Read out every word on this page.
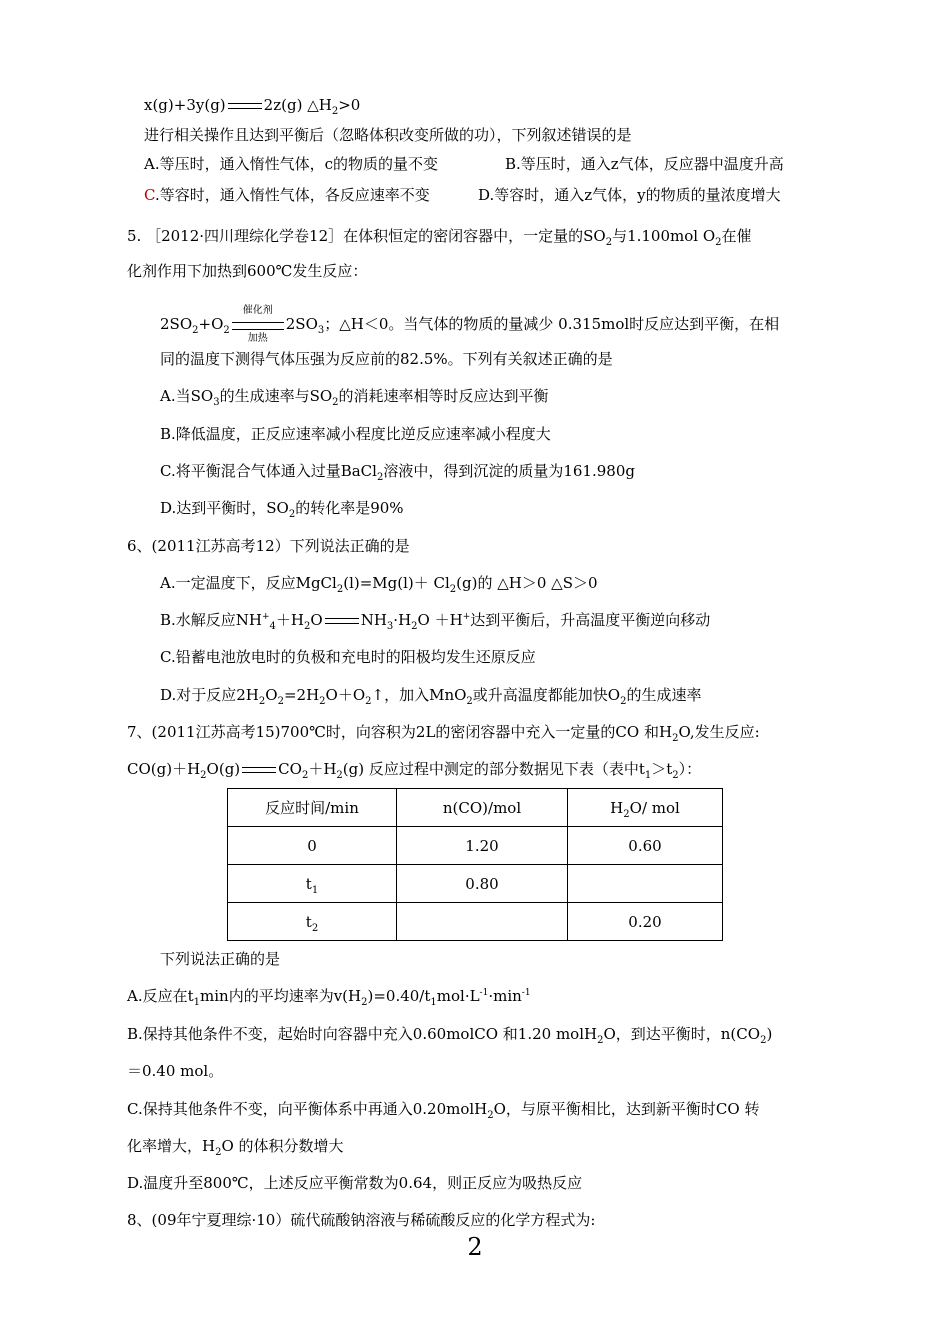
x(g)+3y(g)	2z(g) $\triangle H_2>0$
进行相关操作且达到平衡后（忽略体积改变所做的功），下列叙述错误的是
A.等压时，通入惰性气体，c的物质的量不变	B.等压时，通入z气体，反应器中温度升高
C.等容时，通入惰性气体，各反应速率不变	D.等容时，通入z气体，y的物质的量浓度增大
5. ［2012·四川理综化学卷12］在体积恒定的密闭容器中，一定量的$SO_2$与1.100mol $O_2$在催
化剂作用下加热到600℃发生反应：
$2SO_2+O_2$
催化剂
加热
$2SO_3$；△H＜0。当气体的物质的量减少 0.315mol时反应达到平衡，在相
同的温度下测得气体压强为反应前的82.5%。下列有关叙述正确的是
A.当$SO_3$的生成速率与$SO_2$的消耗速率相等时反应达到平衡
B.降低温度，正反应速率减小程度比逆反应速率减小程度大
C.将平衡混合气体通入过量BaCl$_2$溶液中，得到沉淀的质量为161.980g
D.达到平衡时，$SO_2$的转化率是90%
6、(2011江苏高考12）下列说法正确的是
A.一定温度下，反应MgCl$_2$(l)=Mg(l)＋ $Cl_2(g)$的 △H＞0 △S＞0
B.水解反应$NH^+_4+H_2O$	$NH_3\cdot H_2O +H^+$达到平衡后，升高温度平衡逆向移动
C.铅蓄电池放电时的负极和充电时的阳极均发生还原反应
D.对于反应$2H_2O_2=2H_2O+O_2↑$，加入MnO$_2$或升高温度都能加快$O_2$的生成速率
7、(2011江苏高考15)700℃时，向容积为2L的密闭容器中充入一定量的CO 和$H_2O$,发生反应:
$CO(g)+H_2O(g)$	$CO_2+H_2(g)$ 反应过程中测定的部分数据见下表（表中$t_1>t_2$）：
反应时间/min	n(CO)/mol	$H_2O/$ mol
0	1.20	0.60
$t_1$	0.80	
$t_2$		0.20
下列说法正确的是
A.反应在$t_1\min$内的平均速率为$v(H_2)=0.40/t_1mol\cdot L^{-1}\cdot\min^{-1}$
B.保持其他条件不变，起始时向容器中充入0.60molCO 和1.20 molH$_2$O，到达平衡时，$n(CO_2)$
＝0.40 mol。
C.保持其他条件不变，向平衡体系中再通入0.20molH$_2$O，与原平衡相比，达到新平衡时CO 转
化率增大，$H_2O$ 的体积分数增大
D.温度升至800℃，上述反应平衡常数为0.64，则正反应为吸热反应
8、(09年宁夏理综·10）硫代硫酸钠溶液与稀硫酸反应的化学方程式为:
2
